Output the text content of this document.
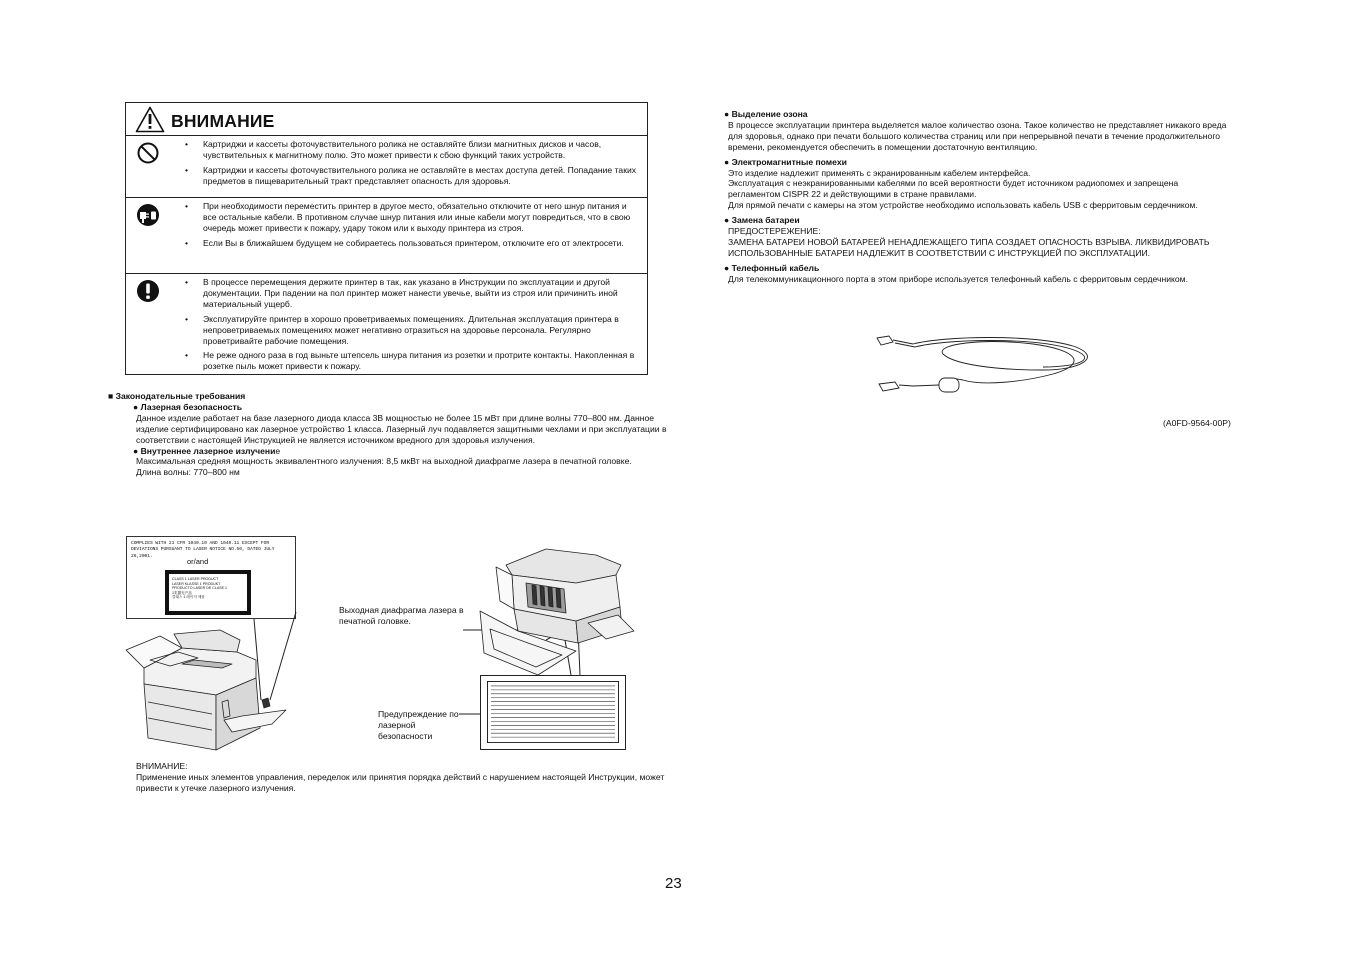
ВНИМАНИЕ
• Картриджи и кассеты фоточувствительного ролика не оставляйте близи магнитных дисков и часов, чувствительных к магнитному полю. Это может привести к сбою функций таких устройств.
• Картриджи и кассеты фоточувствительного ролика не оставляйте в местах доступа детей. Попадание таких предметов в пищеварительный тракт представляет опасность для здоровья.
• При необходимости переместить принтер в другое место, обязательно отключите от него шнур питания и все остальные кабели. В противном случае шнур питания или иные кабели могут повредиться, что в свою очередь может привести к пожару, удару током или к выходу принтера из строя.
• Если Вы в ближайшем будущем не собираетесь пользоваться принтером, отключите его от электросети.
• В процессе перемещения держите принтер в так, как указано в Инструкции по эксплуатации и другой документации. При падении на пол принтер может нанести увечье, выйти из строя или причинить иной материальный ущерб.
• Эксплуатируйте принтер в хорошо проветриваемых помещениях. Длительная эксплуатация принтера в непроветриваемых помещениях может негативно отразиться на здоровье персонала. Регулярно проветривайте рабочие помещения.
• Не реже одного раза в год выньте штепсель шнура питания из розетки и протрите контакты. Накопленная в розетке пыль может привести к пожару.
■ Законодательные требования
● Лазерная безопасность
Данное изделие работает на базе лазерного диода класса 3B мощностью не более 15 мВт при длине волны 770–800 нм. Данное изделие сертифицировано как лазерное устройство 1 класса. Лазерный луч подавляется защитными чехлами и при эксплуатации в соответствии с настоящей Инструкцией не является источником вредного для здоровья излучения.
● Внутреннее лазерное излучение
Максимальная средняя мощность эквивалентного излучения: 8,5 мкВт на выходной диафрагме лазера в печатной головке.
Длина волны: 770–800 нм
COMPLIES WITH 21 CFR 1040.10 AND 1040.11 EXCEPT FOR
DEVIATIONS PURSUANT TO LASER NOTICE NO.50, DATED JULY 26,2001.
or/and
CLASS 1 LASER PRODUCT
LASER KLASSE 1 PRODUKT
PRODUCTO LASER DE CLASE 1
1类激光产品
클래스 1 레이저 제품
Выходная диафрагма лазера в печатной головке.
Предупреждение по лазерной безопасности
ВНИМАНИЕ:
Применение иных элементов управления, переделок или принятия порядка действий с нарушением настоящей Инструкции, может привести к утечке лазерного излучения.
● Выделение озона
В процессе эксплуатации принтера выделяется малое количество озона. Такое количество не представляет никакого вреда для здоровья, однако при печати большого количества страниц или при непрерывной печати в течение продолжительного времени, рекомендуется обеспечить в помещении достаточную вентиляцию.
● Электромагнитные помехи
Это изделие надлежит применять с экранированным кабелем интерфейса.
Эксплуатация с неэкранированными кабелями по всей вероятности будет источником радиопомех и запрещена регламентом CISPR 22 и действующими в стране правилами.
Для прямой печати с камеры на этом устройстве необходимо использовать кабель USB с ферритовым сердечником.
● Замена батареи
ПРЕДОСТЕРЕЖЕНИЕ:
ЗАМЕНА БАТАРЕИ НОВОЙ БАТАРЕЕЙ НЕНАДЛЕЖАЩЕГО ТИПА СОЗДАЕТ ОПАСНОСТЬ ВЗРЫВА. ЛИКВИДИРОВАТЬ ИСПОЛЬЗОВАННЫЕ БАТАРЕИ НАДЛЕЖИТ В СООТВЕТСТВИИ С ИНСТРУКЦИЕЙ ПО ЭКСПЛУАТАЦИИ.
● Телефонный кабель
Для телекоммуникационного порта в этом приборе используется телефонный кабель с ферритовым сердечником.
(A0FD-9564-00P)
23
